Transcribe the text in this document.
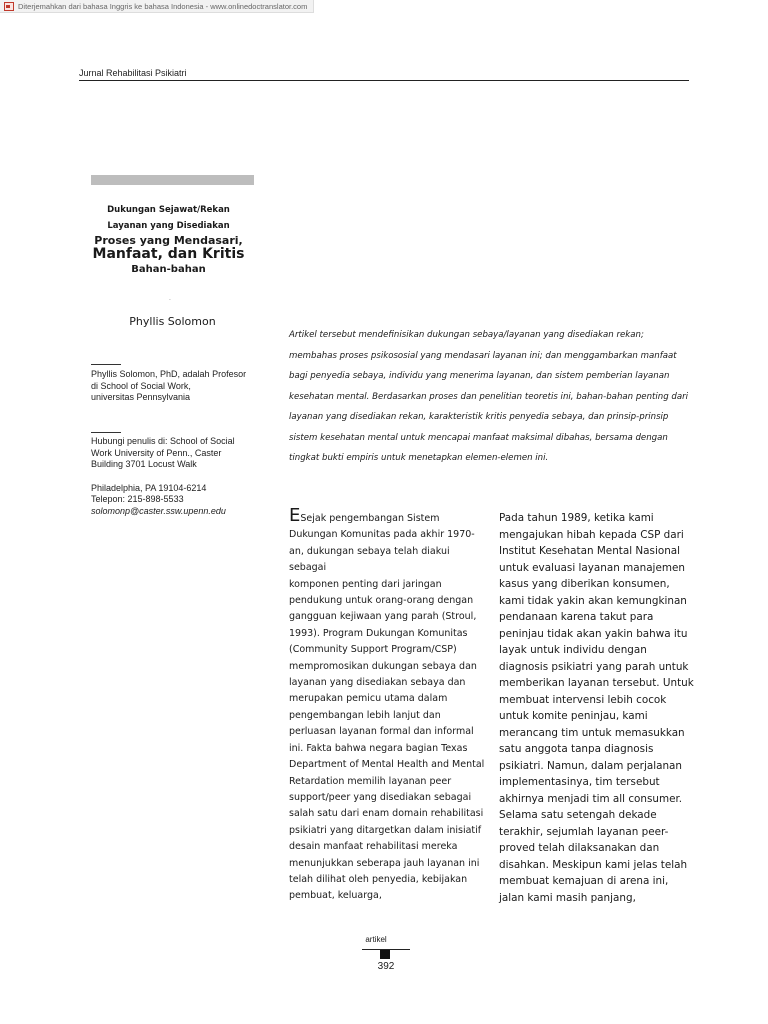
Diterjemahkan dari bahasa Inggris ke bahasa Indonesia - www.onlinedoctranslator.com
Jurnal Rehabilitasi Psikiatri
Dukungan Sejawat/Rekan
Layanan yang Disediakan
Proses yang Mendasari,
Manfaat, dan Kritis
Bahan-bahan
.
Phyllis Solomon
Phyllis Solomon, PhD, adalah Profesor
di School of Social Work,
universitas Pennsylvania
Hubungi penulis di: School of Social
Work University of Penn., Caster
Building 3701 Locust Walk
Philadelphia, PA 19104-6214
Telepon: 215-898-5533
solomonp@caster.ssw.upenn.edu
Artikel tersebut mendefinisikan dukungan sebaya/layanan yang disediakan rekan;
membahas proses psikososial yang mendasari layanan ini; dan menggambarkan manfaat
bagi penyedia sebaya, individu yang menerima layanan, dan sistem pemberian layanan
kesehatan mental. Berdasarkan proses dan penelitian teoretis ini, bahan-bahan penting dari
layanan yang disediakan rekan, karakteristik kritis penyedia sebaya, dan prinsip-prinsip
sistem kesehatan mental untuk mencapai manfaat maksimal dibahas, bersama dengan
tingkat bukti empiris untuk menetapkan elemen-elemen ini.
ESejak pengembangan Sistem
Dukungan Komunitas pada akhir 1970-
an, dukungan sebaya telah diakui sebagai
komponen penting dari jaringan
pendukung untuk orang-orang dengan
gangguan kejiwaan yang parah (Stroul,
1993). Program Dukungan Komunitas
(Community Support Program/CSP)
mempromosikan dukungan sebaya dan
layanan yang disediakan sebaya dan
merupakan pemicu utama dalam
pengembangan lebih lanjut dan
perluasan layanan formal dan informal
ini. Fakta bahwa negara bagian Texas
Department of Mental Health and Mental
Retardation memilih layanan peer
support/peer yang disediakan sebagai
salah satu dari enam domain rehabilitasi
psikiatri yang ditargetkan dalam inisiatif
desain manfaat rehabilitasi mereka
menunjukkan seberapa jauh layanan ini
telah dilihat oleh penyedia, kebijakan
pembuat, keluarga,
Pada tahun 1989, ketika kami
mengajukan hibah kepada CSP dari
Institut Kesehatan Mental Nasional
untuk evaluasi layanan manajemen
kasus yang diberikan konsumen,
kami tidak yakin akan kemungkinan
pendanaan karena takut para
peninjau tidak akan yakin bahwa itu
layak untuk individu dengan
diagnosis psikiatri yang parah untuk
memberikan layanan tersebut. Untuk
membuat intervensi lebih cocok
untuk komite peninjau, kami
merancang tim untuk memasukkan
satu anggota tanpa diagnosis
psikiatri. Namun, dalam perjalanan
implementasinya, tim tersebut
akhirnya menjadi tim all consumer.
Selama satu setengah dekade
terakhir, sejumlah layanan peer-
proved telah dilaksanakan dan
disahkan. Meskipun kami jelas telah
membuat kemajuan di arena ini,
jalan kami masih panjang,
artikel
392
